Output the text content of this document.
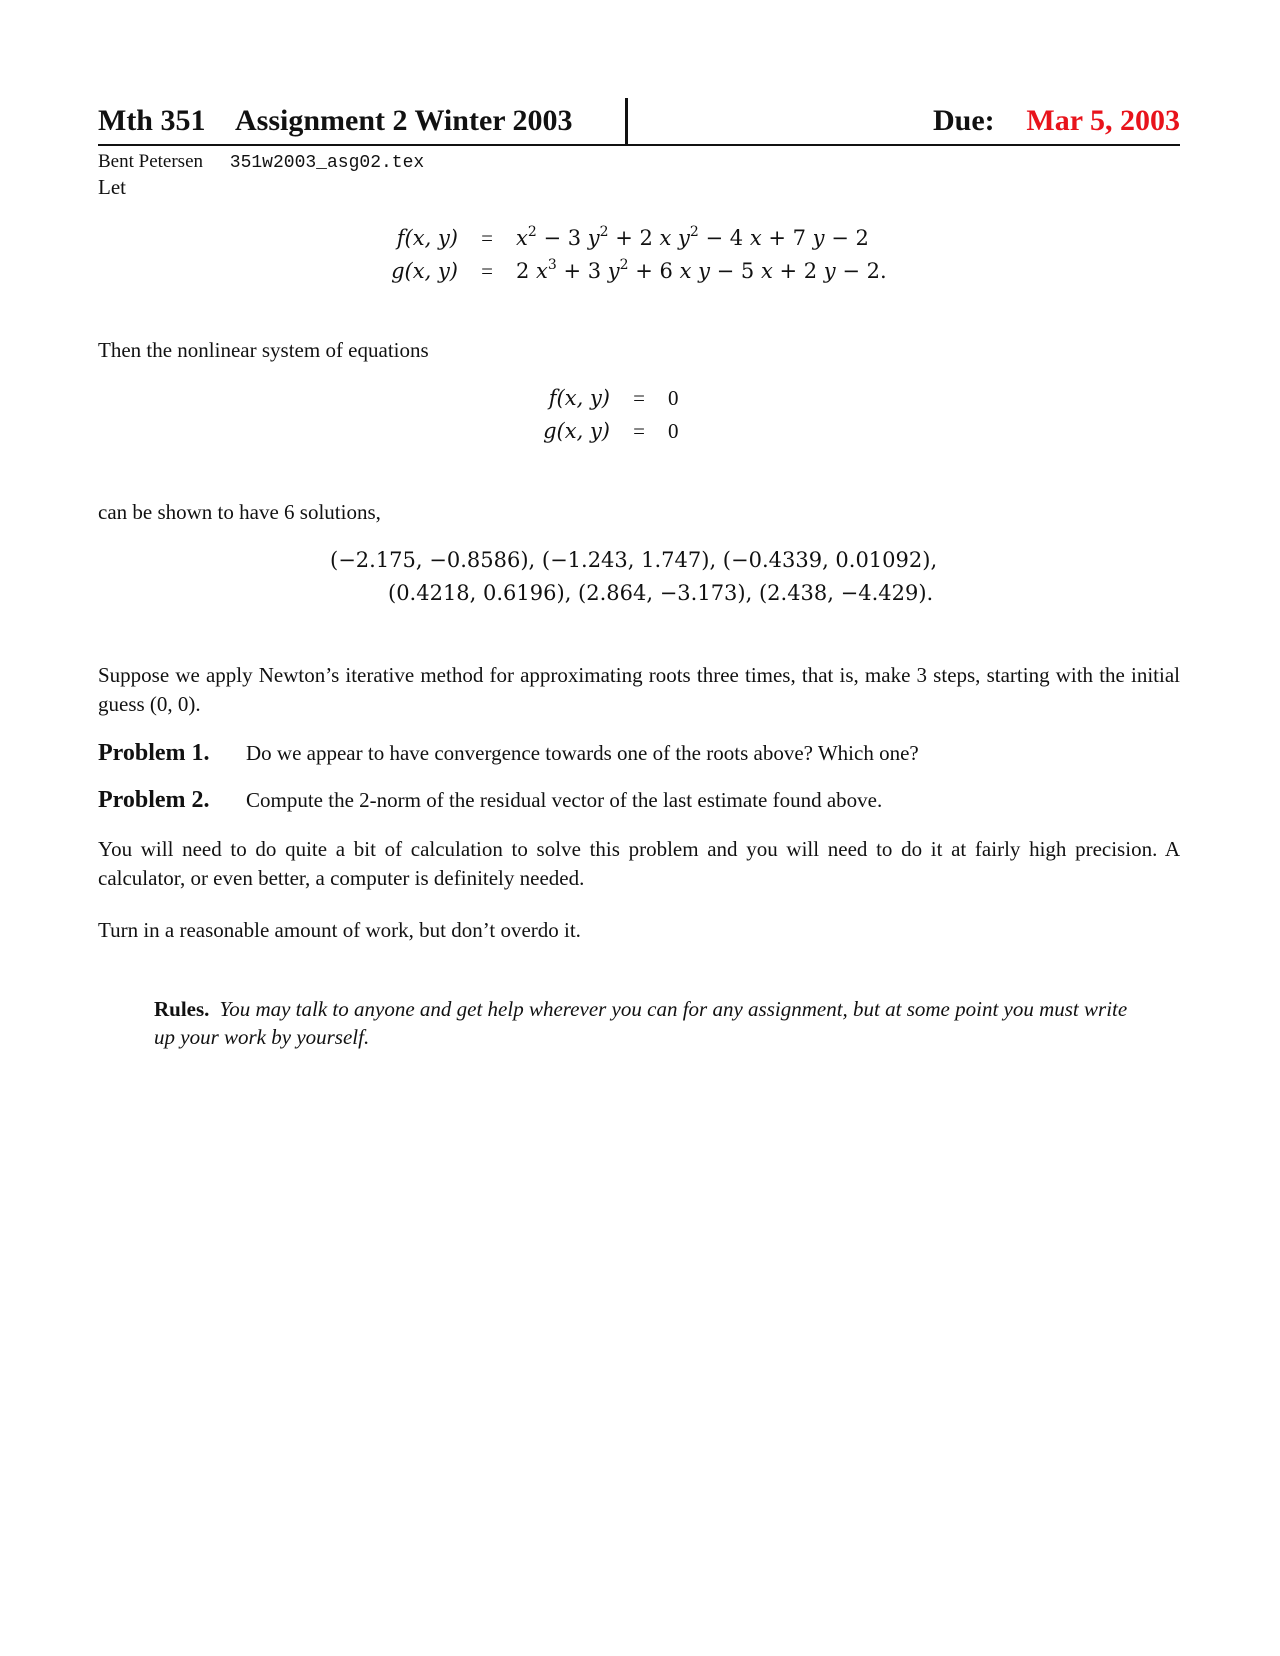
Mth 351 Assignment 2 Winter 2003	Due: Mar 5, 2003
Bent Petersen 351w2003_asg02.tex
Let
f(x, $y) = x^2 - 3$ $y^2 + 2$ x $y^2 - 4$ x + 7 y − 2
g(x, y) = 2 $x^3 + 3$ $y^2 + 6$ x y − 5 x + 2 y − 2.
Then the nonlinear system of equations
f(x, y) = 0
g(x, y) = 0
can be shown to have 6 solutions,
(−2.175, −0.8586), (−1.243, 1.747), (−0.4339, 0.01092),
(0.4218, 0.6196), (2.864, −3.173), (2.438, −4.429).
Suppose we apply Newton’s iterative method for approximating roots three times, that is, make 3 steps, starting with the initial guess (0, 0).
Problem 1. Do we appear to have convergence towards one of the roots above? Which one?
Problem 2. Compute the 2-norm of the residual vector of the last estimate found above.
You will need to do quite a bit of calculation to solve this problem and you will need to do it at fairly high precision. A calculator, or even better, a computer is definitely needed.
Turn in a reasonable amount of work, but don’t overdo it.
Rules. You may talk to anyone and get help wherever you can for any assignment, but at some point you must write up your work by yourself.
